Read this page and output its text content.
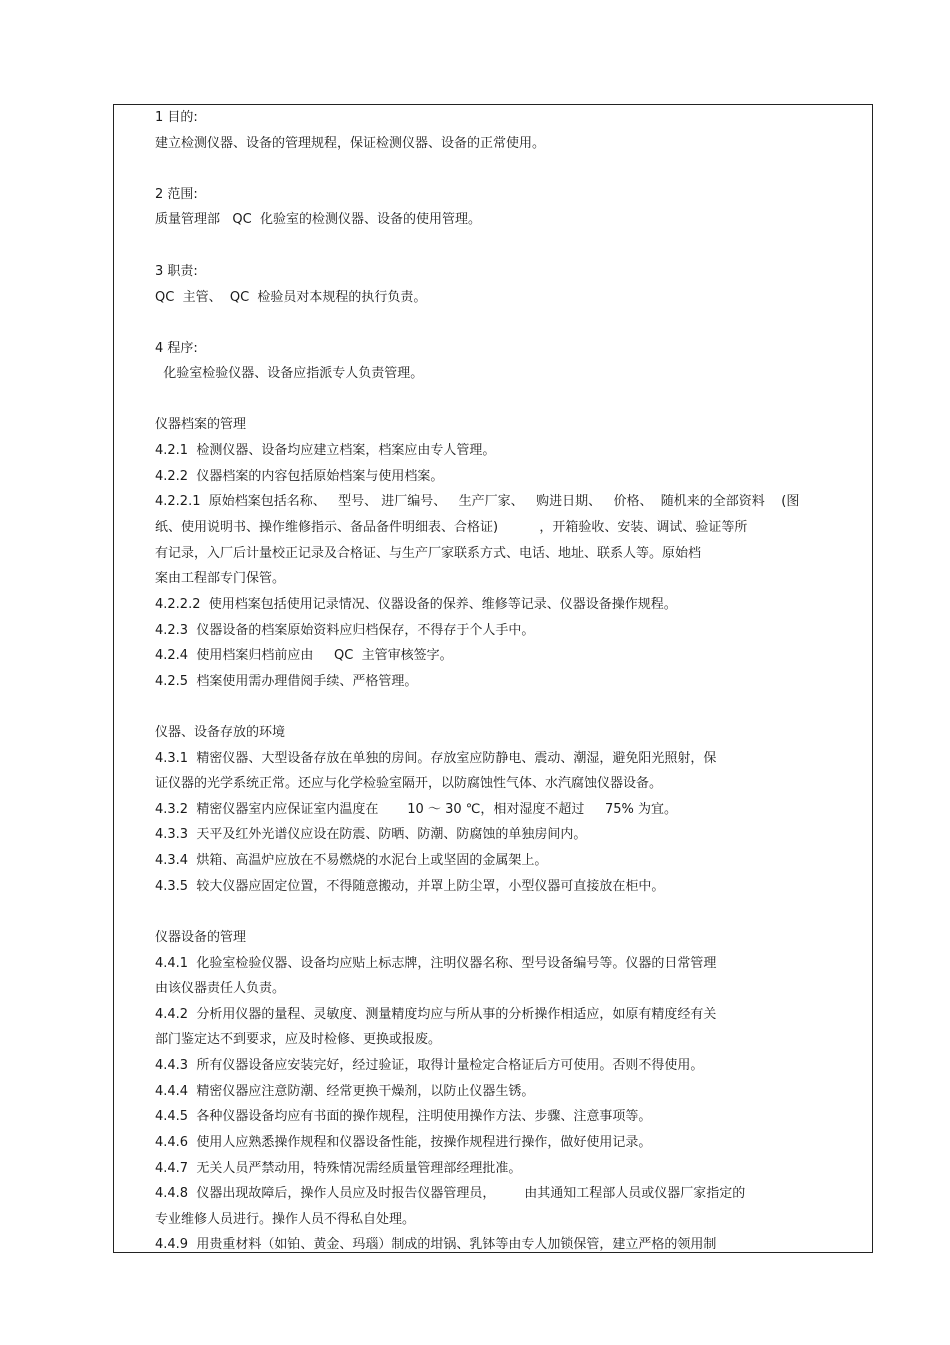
1 目的:
建立检测仪器、设备的管理规程，保证检测仪器、设备的正常使用。
2 范围:
质量管理部   QC  化验室的检测仪器、设备的使用管理。
3 职责:
QC  主管、  QC  检验员对本规程的执行负责。
4 程序:
化验室检验仪器、设备应指派专人负责管理。
仪器档案的管理
4.2.1  检测仪器、设备均应建立档案，档案应由专人管理。
4.2.2  仪器档案的内容包括原始档案与使用档案。
4.2.2.1  原始档案包括名称、   型号、 进厂编号、   生产厂家、   购进日期、   价格、  随机来的全部资料    (图
纸、使用说明书、操作维修指示、备品备件明细表、合格证)          ，开箱验收、安装、调试、验证等所
有记录，入厂后计量校正记录及合格证、与生产厂家联系方式、电话、地址、联系人等。原始档
案由工程部专门保管。
4.2.2.2  使用档案包括使用记录情况、仪器设备的保养、维修等记录、仪器设备操作规程。
4.2.3  仪器设备的档案原始资料应归档保存，不得存于个人手中。
4.2.4  使用档案归档前应由     QC  主管审核签字。
4.2.5  档案使用需办理借阅手续、严格管理。
仪器、设备存放的环境
4.3.1  精密仪器、大型设备存放在单独的房间。存放室应防静电、震动、潮湿，避免阳光照射，保
证仪器的光学系统正常。还应与化学检验室隔开，以防腐蚀性气体、水汽腐蚀仪器设备。
4.3.2  精密仪器室内应保证室内温度在       10 ～ 30 ℃，相对湿度不超过     75% 为宜。
4.3.3  天平及红外光谱仪应设在防震、防晒、防潮、防腐蚀的单独房间内。
4.3.4  烘箱、高温炉应放在不易燃烧的水泥台上或坚固的金属架上。
4.3.5  较大仪器应固定位置，不得随意搬动，并罩上防尘罩，小型仪器可直接放在柜中。
仪器设备的管理
4.4.1  化验室检验仪器、设备均应贴上标志牌，注明仪器名称、型号设备编号等。仪器的日常管理
由该仪器责任人负责。
4.4.2  分析用仪器的量程、灵敏度、测量精度均应与所从事的分析操作相适应，如原有精度经有关
部门鉴定达不到要求，应及时检修、更换或报废。
4.4.3  所有仪器设备应安装完好，经过验证，取得计量检定合格证后方可使用。否则不得使用。
4.4.4  精密仪器应注意防潮、经常更换干燥剂，以防止仪器生锈。
4.4.5  各种仪器设备均应有书面的操作规程，注明使用操作方法、步骤、注意事项等。
4.4.6  使用人应熟悉操作规程和仪器设备性能，按操作规程进行操作，做好使用记录。
4.4.7  无关人员严禁动用，特殊情况需经质量管理部经理批准。
4.4.8  仪器出现故障后，操作人员应及时报告仪器管理员，       由其通知工程部人员或仪器厂家指定的
专业维修人员进行。操作人员不得私自处理。
4.4.9  用贵重材料（如铂、黄金、玛瑙）制成的坩锅、乳钵等由专人加锁保管，建立严格的领用制
